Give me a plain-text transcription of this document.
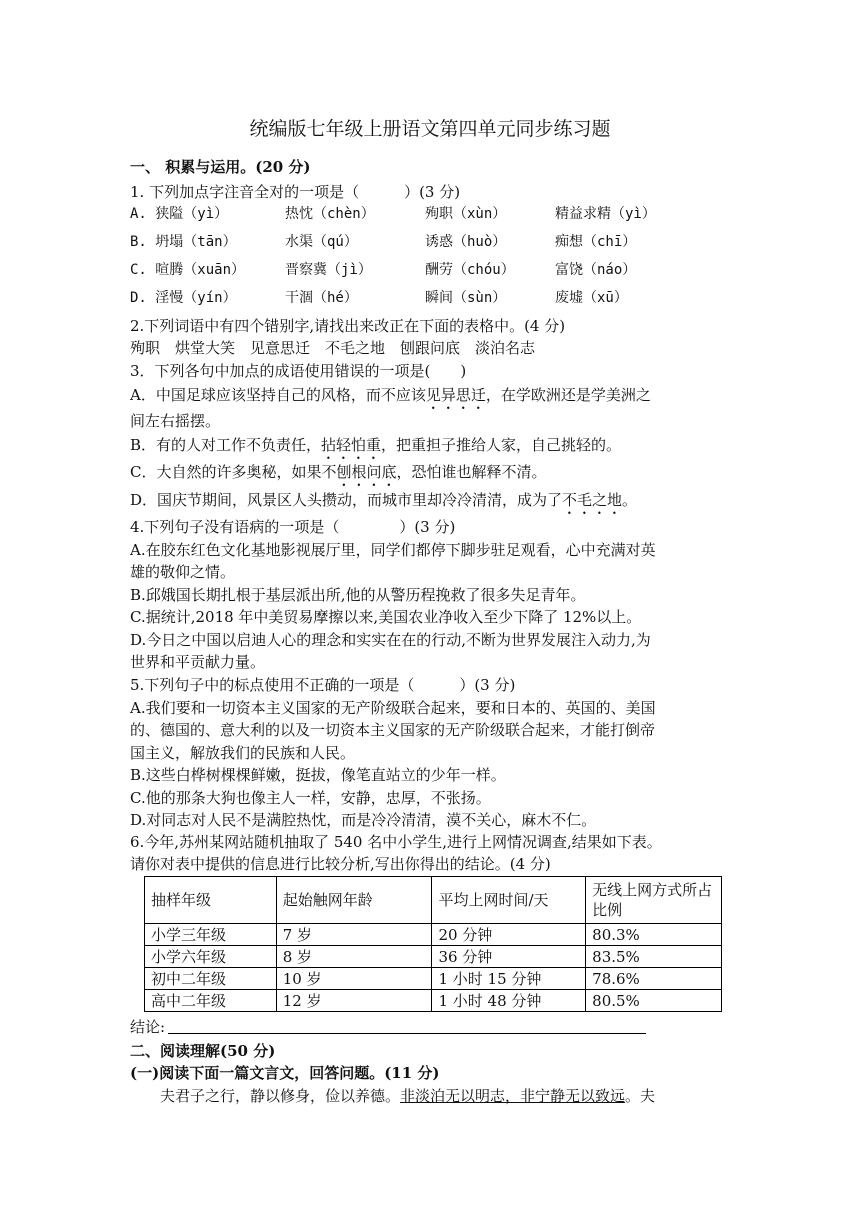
统编版七年级上册语文第四单元同步练习题
一、 积累与运用。(20 分)
1. 下列加点字注音全对的一项是（　　　）(3 分)
A. 狭隘（yì）	热忱（chèn）	殉职（xùn）	精益求精（yì）
B. 坍塌（tān）	水渠（qú）	诱惑（huò）	痴想（chī）
C. 喧腾（xuān）	晋察冀（jì）	酬劳（chóu）	富饶（náo）
D. 淫慢（yín）	干涸（hé）	瞬间（sùn）	废墟（xū）
2.下列词语中有四个错别字,请找出来改正在下面的表格中。(4 分)
殉职　烘堂大笑　见意思迁　不毛之地　刨跟问底　淡泊名志
3．下列各句中加点的成语使用错误的一项是(　　)
A．中国足球应该坚持自己的风格，而不应该见异思迁，在学欧洲还是学美洲之
间左右摇摆。
B．有的人对工作不负责任，拈轻怕重，把重担子推给人家，自己挑轻的。
C．大自然的许多奥秘，如果不刨根问底，恐怕谁也解释不清。
D．国庆节期间，风景区人头攒动，而城市里却冷冷清清，成为了不毛之地。
4.下列句子没有语病的一项是（　　　　）(3 分)
A.在胶东红色文化基地影视展厅里，同学们都停下脚步驻足观看，心中充满对英
雄的敬仰之情。
B.邱娥国长期扎根于基层派出所,他的从警历程挽救了很多失足青年。
C.据统计,2018 年中美贸易摩擦以来,美国农业净收入至少下降了 12%以上。
D.今日之中国以启迪人心的理念和实实在在的行动,不断为世界发展注入动力,为
世界和平贡献力量。
5.下列句子中的标点使用不正确的一项是（　　　）(3 分)
A.我们要和一切资本主义国家的无产阶级联合起来，要和日本的、英国的、美国
的、德国的、意大利的以及一切资本主义国家的无产阶级联合起来，才能打倒帝
国主义，解放我们的民族和人民。
B.这些白桦树棵棵鲜嫩，挺拔，像笔直站立的少年一样。
C.他的那条大狗也像主人一样，安静，忠厚，不张扬。
D.对同志对人民不是满腔热忱，而是冷冷清清，漠不关心，麻木不仁。
6.今年,苏州某网站随机抽取了 540 名中小学生,进行上网情况调查,结果如下表。
请你对表中提供的信息进行比较分析,写出你得出的结论。(4 分)
抽样年级	起始触网年龄	平均上网时间/天	无线上网方式所占比例
小学三年级	7 岁	20 分钟	80.3%
小学六年级	8 岁	36 分钟	83.5%
初中二年级	10 岁	1 小时 15 分钟	78.6%
高中二年级	12 岁	1 小时 48 分钟	80.5%
结论:
二、阅读理解(50 分)
(一)阅读下面一篇文言文，回答问题。(11 分)
　　夫君子之行，静以修身，俭以养德。非淡泊无以明志，非宁静无以致远。夫
